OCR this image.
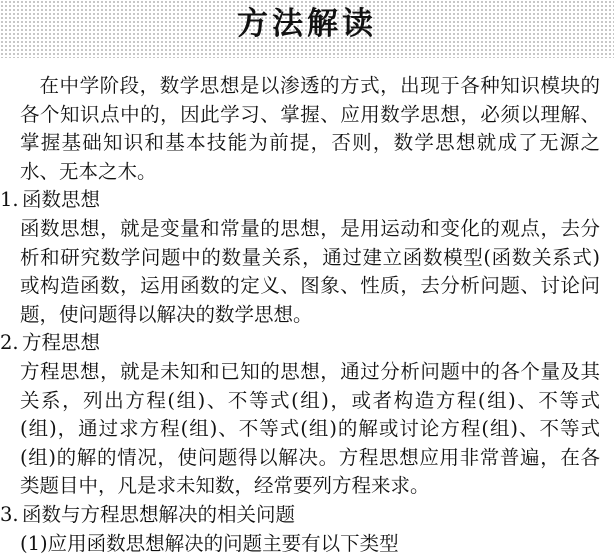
方法解读

在中学阶段，数学思想是以渗透的方式，出现于各种知识模块的各个知识点中的，因此学习、掌握、应用数学思想，必须以理解、掌握基础知识和基本技能为前提，否则，数学思想就成了无源之水、无本之木。

1. 函数思想

函数思想，就是变量和常量的思想，是用运动和变化的观点，去分析和研究数学问题中的数量关系，通过建立函数模型(函数关系式)或构造函数，运用函数的定义、图象、性质，去分析问题、讨论问题，使问题得以解决的数学思想。

2. 方程思想

方程思想，就是未知和已知的思想，通过分析问题中的各个量及其关系，列出方程(组)、不等式(组)，或者构造方程(组)、不等式(组)，通过求方程(组)、不等式(组)的解或讨论方程(组)、不等式(组)的解的情况，使问题得以解决。方程思想应用非常普遍，在各类题目中，凡是求未知数，经常要列方程来求。

3. 函数与方程思想解决的相关问题
(1)应用函数思想解决的问题主要有以下类型
